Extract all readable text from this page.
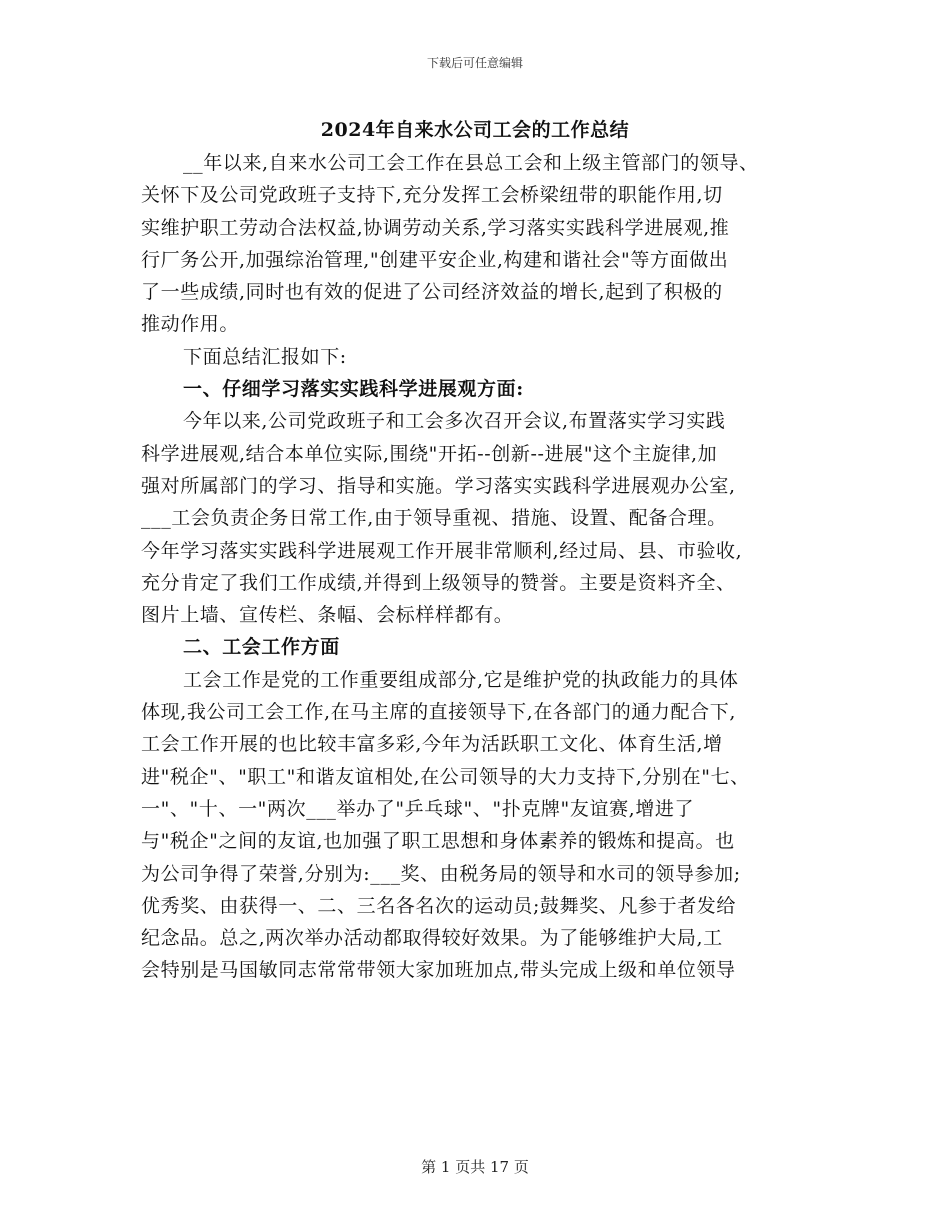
下载后可任意编辑
2024年自来水公司工会的工作总结
__年以来,自来水公司工会工作在县总工会和上级主管部门的领导、
关怀下及公司党政班子支持下,充分发挥工会桥梁纽带的职能作用,切
实维护职工劳动合法权益,协调劳动关系,学习落实实践科学进展观,推
行厂务公开,加强综治管理,"创建平安企业,构建和谐社会"等方面做出
了一些成绩,同时也有效的促进了公司经济效益的增长,起到了积极的
推动作用。
下面总结汇报如下:
一、仔细学习落实实践科学进展观方面:
今年以来,公司党政班子和工会多次召开会议,布置落实学习实践
科学进展观,结合本单位实际,围绕"开拓--创新--进展"这个主旋律,加
强对所属部门的学习、指导和实施。学习落实实践科学进展观办公室,
___工会负责企务日常工作,由于领导重视、措施、设置、配备合理。
今年学习落实实践科学进展观工作开展非常顺利,经过局、县、市验收,
充分肯定了我们工作成绩,并得到上级领导的赞誉。主要是资料齐全、
图片上墙、宣传栏、条幅、会标样样都有。
二、工会工作方面
工会工作是党的工作重要组成部分,它是维护党的执政能力的具体
体现,我公司工会工作,在马主席的直接领导下,在各部门的通力配合下,
工会工作开展的也比较丰富多彩,今年为活跃职工文化、体育生活,增
进"税企"、"职工"和谐友谊相处,在公司领导的大力支持下,分别在"七、
一"、"十、一"两次___举办了"乒乓球"、"扑克牌"友谊赛,增进了
与"税企"之间的友谊,也加强了职工思想和身体素养的锻炼和提高。也
为公司争得了荣誉,分别为:___奖、由税务局的领导和水司的领导参加;
优秀奖、由获得一、二、三名各名次的运动员;鼓舞奖、凡参于者发给
纪念品。总之,两次举办活动都取得较好效果。为了能够维护大局,工
会特别是马国敏同志常常带领大家加班加点,带头完成上级和单位领导
第 1 页共 17 页
